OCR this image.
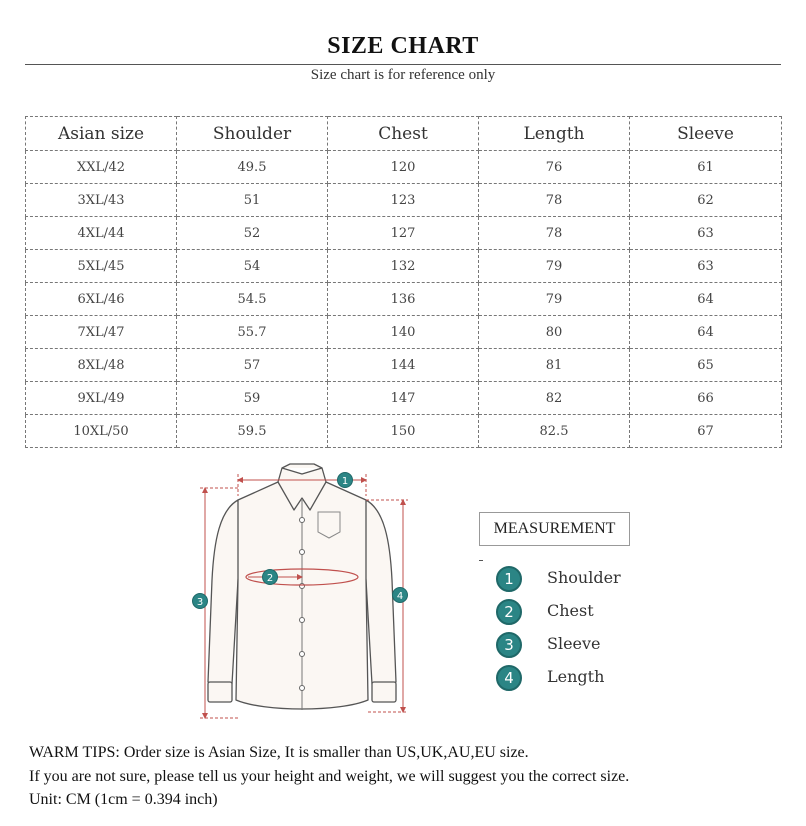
SIZE CHART
Size chart is for reference only
Asian size	Shoulder	Chest	Length	Sleeve
XXL/42	49.5	120	76	61
3XL/43	51	123	78	62
4XL/44	52	127	78	63
5XL/45	54	132	79	63
6XL/46	54.5	136	79	64
7XL/47	55.7	140	80	64
8XL/48	57	144	81	65
9XL/49	59	147	82	66
10XL/50	59.5	150	82.5	67
1
2
3
4
MEASUREMENT
1	Shoulder
2	Chest
3	Sleeve
4	Length
WARM TIPS: Order size is Asian Size, It is smaller than US,UK,AU,EU size.
If you are not sure, please tell us your height and weight, we will suggest you the correct size.
Unit: CM (1cm = 0.394 inch)
